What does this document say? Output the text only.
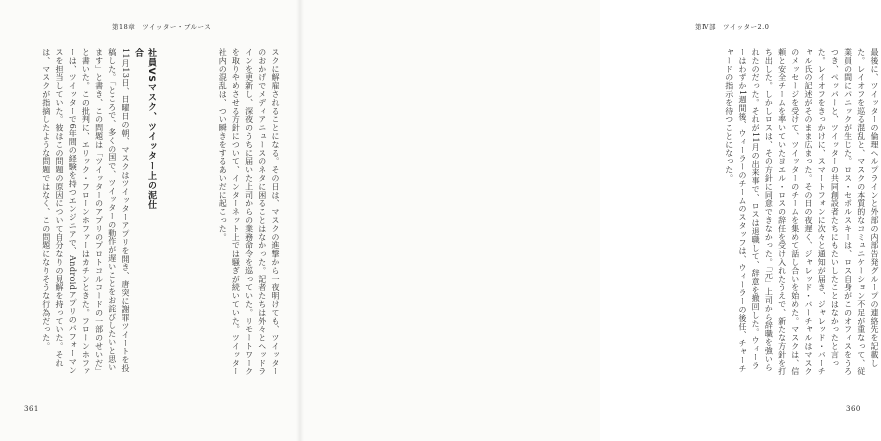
第18章　ツイッター・ブルース
スクに解雇されることになる。その日は、マスクの進撃から一夜明けても、ツイッターのおかげでメディアニュースのネタに困ることはなかった。記者たちは外々とヘッドラインを更新し、深夜のうちに届いた上司からの業務命令を巡っていた。リモートワークを取りやめさせる方針について、インターネット上では騒ぎが続いていた。ツイッター社内の混乱は、つい瞬きをするあいだに起こった。
社員VSマスク、ツイッター上の泥仕合
11月13日、日曜日の朝、マスクはツイッターアプリを開き、唐突に謝罪ツイートを投稿した。「ところで、多くの国で、ツイッターの動作が遅いことをお詫びしたいと思います」と書き、この問題は「ツイッターのアプリのプロトコルコードの一部のせいだ」と書いた。この批判に、エリック・フローンホファーはカチンときた。フローンホファーは、ツイッターで6年間の経験を持つエンジニアで、Androidアプリのパフォーマンスを担当していた。彼はこの問題の原因について自分なりの見解を持っていた。それは、マスクが指摘したような問題ではなく、この問題になりそうな行為だった。
361
第Ⅳ部　ツイッター2.0
最後に、ツイッターの倫理ヘルプラインと外部の内部告発グループの連絡先を記載した。レイオフを巡る混乱と、マスクの本質的なコミュニケーション不足が重なって、従業員の間にパニックが生じた。ロス・セポルスキーは、ロス自身がこのオフィスをうろつき、ペッパーと、ツイッターの共同創設者たちにもたいしたことはなかったと言った。レイオフをきっかけに、スマートフォンに次々と通知が届き、ジャレッド・バーチャル氏の記述がそのまま広まった。その日の夜遅く、ジャレッド・バーチャルはマスクのメッセージを受けて、ツイッターのチームを集めて話し合いを始めた。マスクは、信頼と安全チームを率いていたヨエル・ロスの辞任を受け入れたうえで、新たな方針を打ち出した。しかしロスは、その方針に同意できなかった。「元」上司から辞職を強いられたのだった。それが11月の出来事で、ロスは退職して、辞意を撤回した。ウィーラーはわずか1週間後、ウィーラーのチームのスタッフは、ウィーラーの後任、チャーチャードの指示を待つことになった。
360
